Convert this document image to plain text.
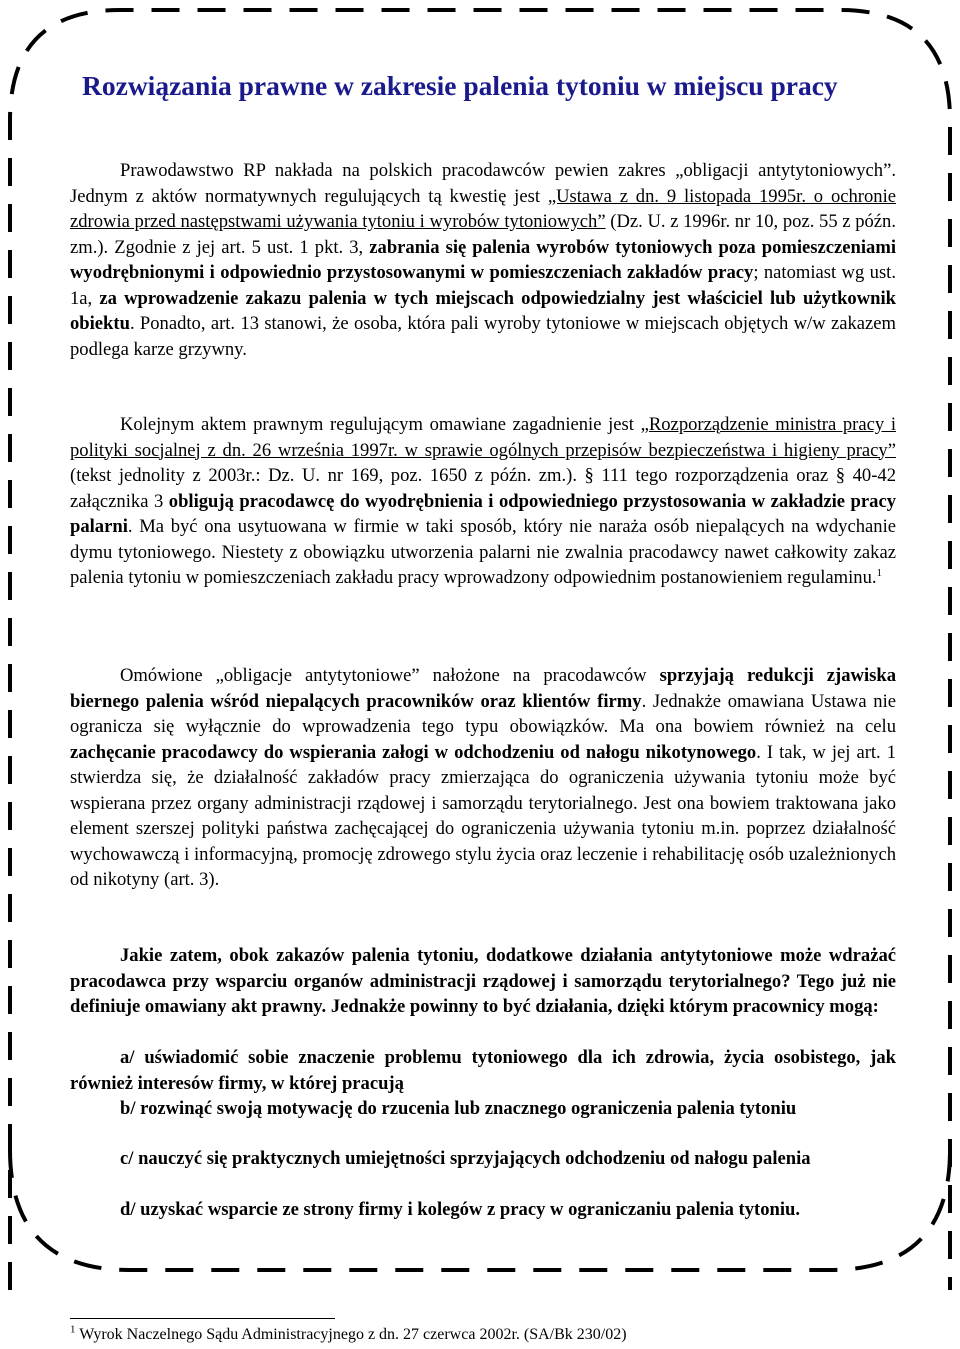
Rozwiązania prawne w zakresie palenia tytoniu w miejscu pracy

Prawodawstwo RP nakłada na polskich pracodawców pewien zakres „obligacji antytytoniowych”. Jednym z aktów normatywnych regulujących tą kwestię jest „Ustawa z dn. 9 listopada 1995r. o ochronie zdrowia przed następstwami używania tytoniu i wyrobów tytoniowych” (Dz. U. z 1996r. nr 10, poz. 55 z późn. zm.). Zgodnie z jej art. 5 ust. 1 pkt. 3, zabrania się palenia wyrobów tytoniowych poza pomieszczeniami wyodrębnionymi i odpowiednio przystosowanymi w pomieszczeniach zakładów pracy; natomiast wg ust. 1a, za wprowadzenie zakazu palenia w tych miejscach odpowiedzialny jest właściciel lub użytkownik obiektu. Ponadto, art. 13 stanowi, że osoba, która pali wyroby tytoniowe w miejscach objętych w/w zakazem podlega karze grzywny.

Kolejnym aktem prawnym regulującym omawiane zagadnienie jest „Rozporządzenie ministra pracy i polityki socjalnej z dn. 26 września 1997r. w sprawie ogólnych przepisów bezpieczeństwa i higieny pracy” (tekst jednolity z 2003r.: Dz. U. nr 169, poz. 1650 z późn. zm.). § 111 tego rozporządzenia oraz § 40-42 załącznika 3 obligują pracodawcę do wyodrębnienia i odpowiedniego przystosowania w zakładzie pracy palarni. Ma być ona usytuowana w firmie w taki sposób, który nie naraża osób niepalących na wdychanie dymu tytoniowego. Niestety z obowiązku utworzenia palarni nie zwalnia pracodawcy nawet całkowity zakaz palenia tytoniu w pomieszczeniach zakładu pracy wprowadzony odpowiednim postanowieniem regulaminu.$^1$

Omówione „obligacje antytytoniowe” nałożone na pracodawców sprzyjają redukcji zjawiska biernego palenia wśród niepalących pracowników oraz klientów firmy. Jednakże omawiana Ustawa nie ogranicza się wyłącznie do wprowadzenia tego typu obowiązków. Ma ona bowiem również na celu zachęcanie pracodawcy do wspierania załogi w odchodzeniu od nałogu nikotynowego. I tak, w jej art. 1 stwierdza się, że działalność zakładów pracy zmierzająca do ograniczenia używania tytoniu może być wspierana przez organy administracji rządowej i samorządu terytorialnego. Jest ona bowiem traktowana jako element szerszej polityki państwa zachęcającej do ograniczenia używania tytoniu m.in. poprzez działalność wychowawczą i informacyjną, promocję zdrowego stylu życia oraz leczenie i rehabilitację osób uzależnionych od nikotyny (art. 3).

Jakie zatem, obok zakazów palenia tytoniu, dodatkowe działania antytytoniowe może wdrażać pracodawca przy wsparciu organów administracji rządowej i samorządu terytorialnego? Tego już nie definiuje omawiany akt prawny. Jednakże powinny to być działania, dzięki którym pracownicy mogą:

a/ uświadomić sobie znaczenie problemu tytoniowego dla ich zdrowia, życia osobistego, jak również interesów firmy, w której pracują

b/ rozwinąć swoją motywację do rzucenia lub znacznego ograniczenia palenia tytoniu

c/ nauczyć się praktycznych umiejętności sprzyjających odchodzeniu od nałogu palenia

d/ uzyskać wsparcie ze strony firmy i kolegów z pracy w ograniczaniu palenia tytoniu.

$^1$ Wyrok Naczelnego Sądu Administracyjnego z dn. 27 czerwca 2002r. (SA/Bk 230/02)
